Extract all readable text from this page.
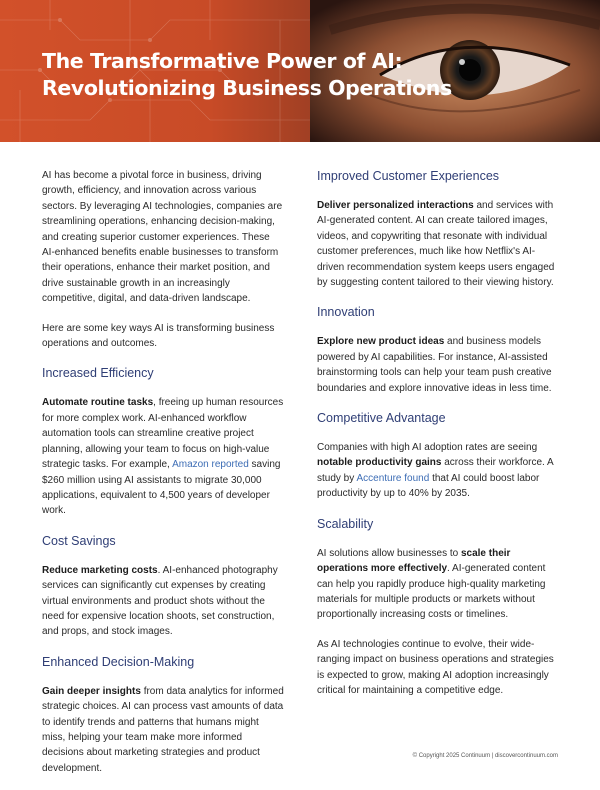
The Transformative Power of AI:
Revolutionizing Business Operations

AI has become a pivotal force in business, driving growth, efficiency, and innovation across various sectors. By leveraging AI technologies, companies are streamlining operations, enhancing decision-making, and creating superior customer experiences. These AI-enhanced benefits enable businesses to transform their operations, enhance their market position, and drive sustainable growth in an increasingly competitive, digital, and data-driven landscape.

Here are some key ways AI is transforming business operations and outcomes.

Increased Efficiency

Automate routine tasks, freeing up human resources for more complex work. AI-enhanced workflow automation tools can streamline creative project planning, allowing your team to focus on high-value strategic tasks. For example, Amazon reported saving $260 million using AI assistants to migrate 30,000 applications, equivalent to 4,500 years of developer work.

Cost Savings

Reduce marketing costs. AI-enhanced photography services can significantly cut expenses by creating virtual environments and product shots without the need for expensive location shoots, set construction, and props, and stock images.

Enhanced Decision-Making

Gain deeper insights from data analytics for informed strategic choices. AI can process vast amounts of data to identify trends and patterns that humans might miss, helping your team make more informed decisions about marketing strategies and product development.

Improved Customer Experiences

Deliver personalized interactions and services with AI-generated content. AI can create tailored images, videos, and copywriting that resonate with individual customer preferences, much like how Netflix's AI-driven recommendation system keeps users engaged by suggesting content tailored to their viewing history.

Innovation

Explore new product ideas and business models powered by AI capabilities. For instance, AI-assisted brainstorming tools can help your team push creative boundaries and explore innovative ideas in less time.

Competitive Advantage

Companies with high AI adoption rates are seeing notable productivity gains across their workforce. A study by Accenture found that AI could boost labor productivity by up to 40% by 2035.

Scalability

AI solutions allow businesses to scale their operations more effectively. AI-generated content can help you rapidly produce high-quality marketing materials for multiple products or markets without proportionally increasing costs or timelines.

As AI technologies continue to evolve, their wide-ranging impact on business operations and strategies is expected to grow, making AI adoption increasingly critical for maintaining a competitive edge.

© Copyright 2025 Continuum | discovercontinuum.com
